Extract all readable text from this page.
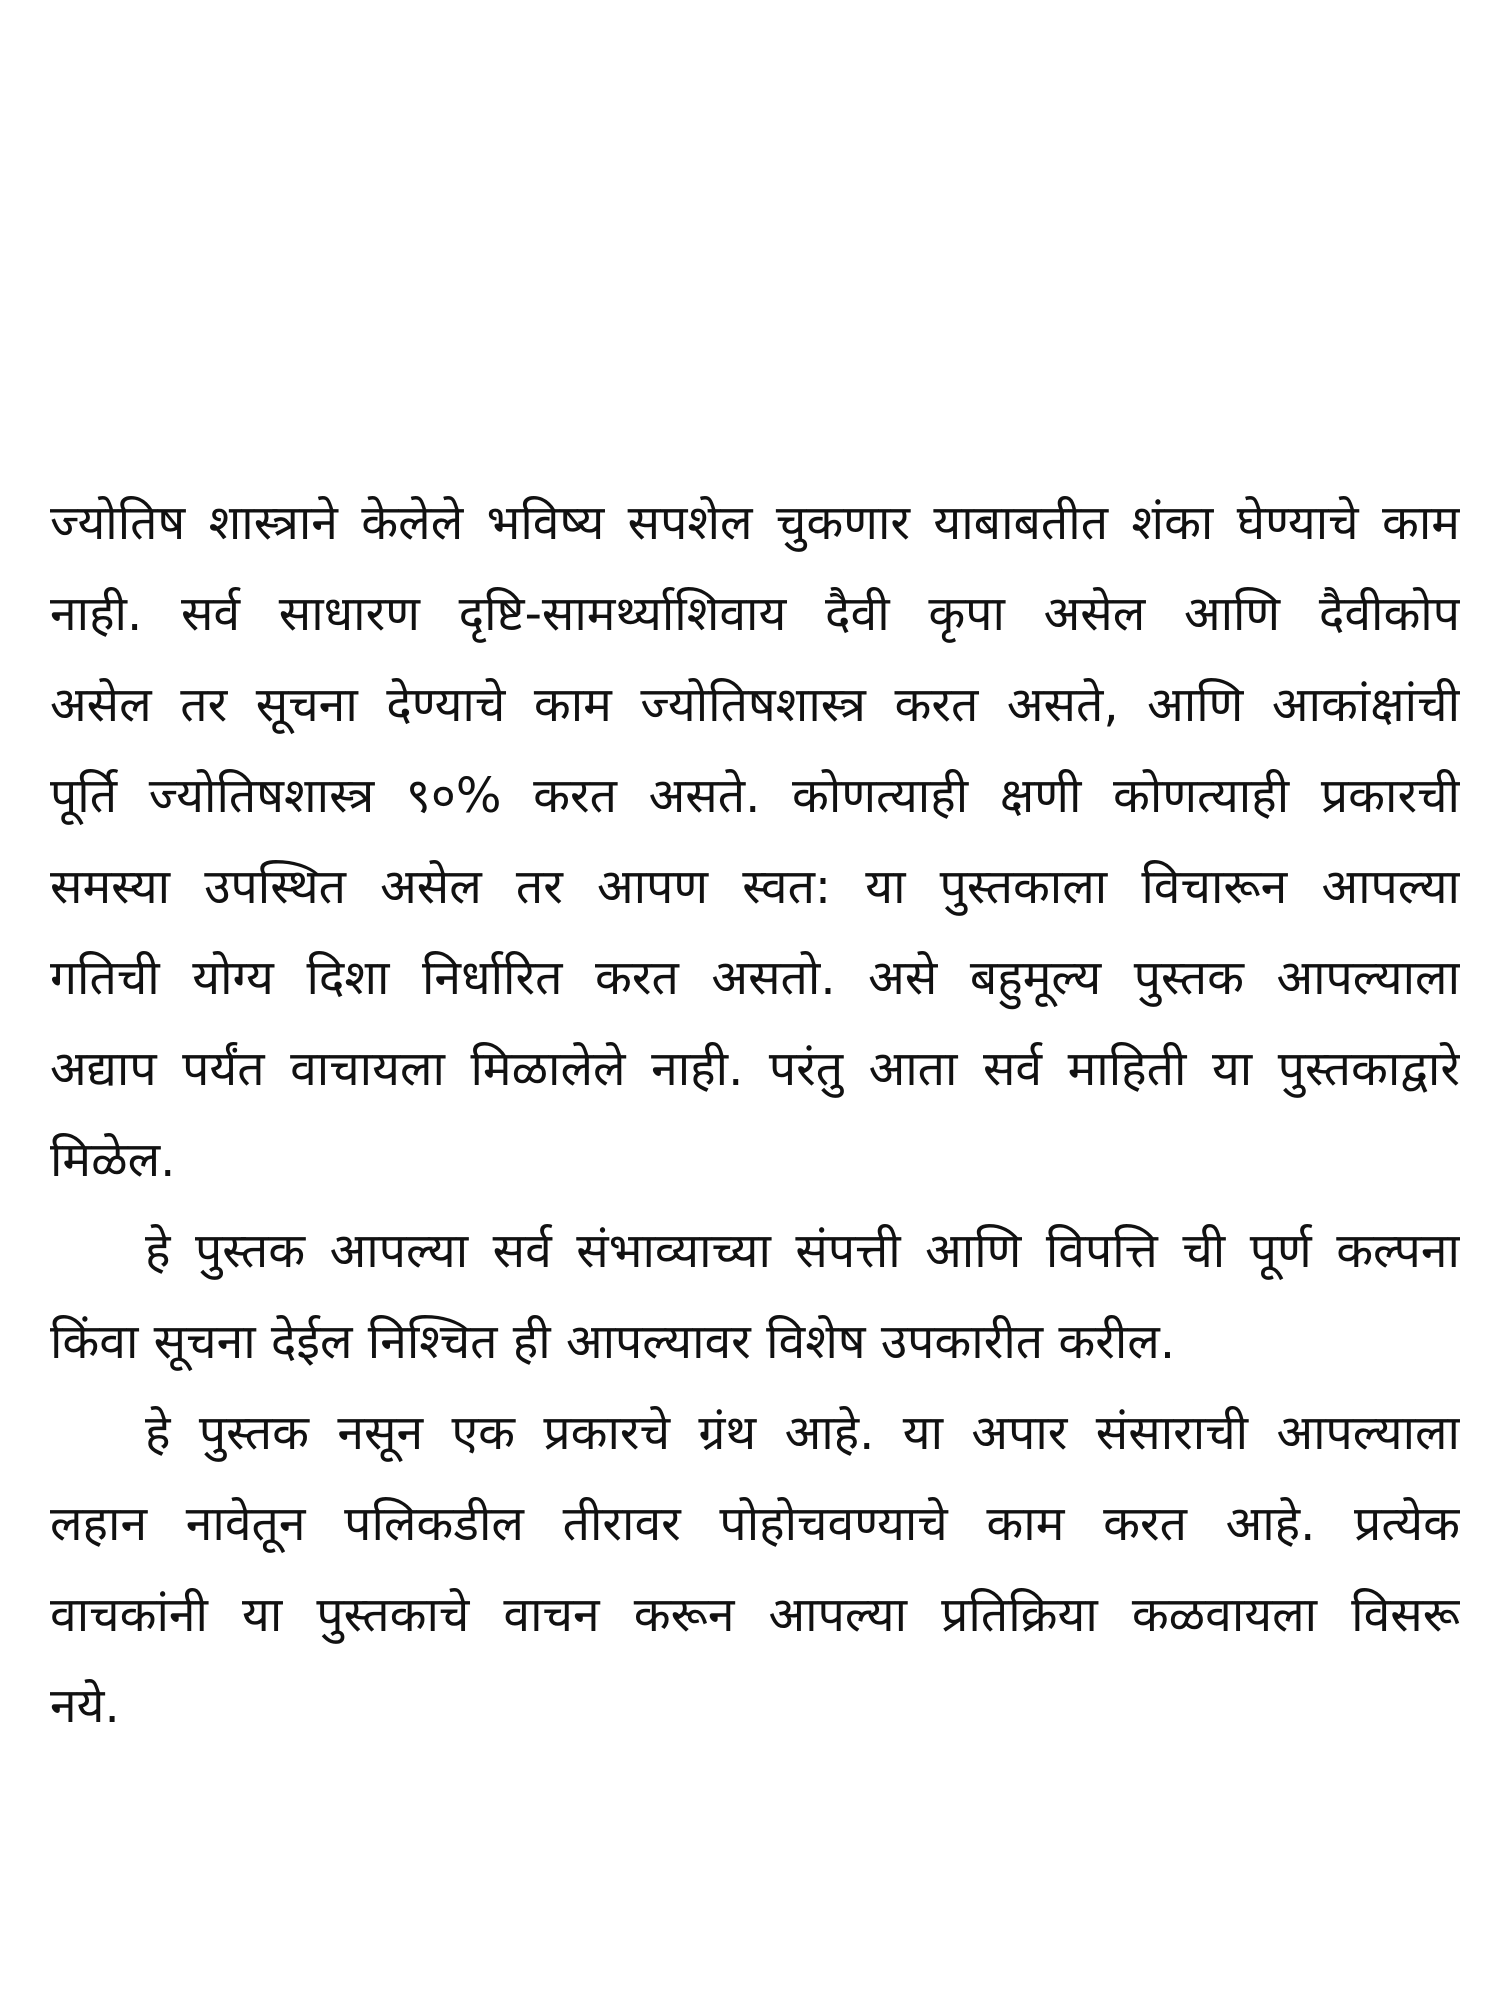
ज्योतिष शास्त्राने केलेले भविष्य सपशेल चुकणार याबाबतीत शंका घेण्याचे काम
नाही. सर्व साधारण दृष्टि-सामर्थ्याशिवाय दैवी कृपा असेल आणि दैवीकोप
असेल तर सूचना देण्याचे काम ज्योतिषशास्त्र करत असते, आणि आकांक्षांची
पूर्ति ज्योतिषशास्त्र ९०% करत असते. कोणत्याही क्षणी कोणत्याही प्रकारची
समस्या उपस्थित असेल तर आपण स्वत: या पुस्तकाला विचारून आपल्या
गतिची योग्य दिशा निर्धारित करत असतो. असे बहुमूल्य पुस्तक आपल्याला
अद्याप पर्यंत वाचायला मिळालेले नाही. परंतु आता सर्व माहिती या पुस्तकाद्वारे
मिळेल.
हे पुस्तक आपल्या सर्व संभाव्याच्या संपत्ती आणि विपत्ति ची पूर्ण कल्पना
किंवा सूचना देईल निश्चित ही आपल्यावर विशेष उपकारीत करील.
हे पुस्तक नसून एक प्रकारचे ग्रंथ आहे. या अपार संसाराची आपल्याला
लहान नावेतून पलिकडील तीरावर पोहोचवण्याचे काम करत आहे. प्रत्येक
वाचकांनी या पुस्तकाचे वाचन करून आपल्या प्रतिक्रिया कळवायला विसरू
नये.
